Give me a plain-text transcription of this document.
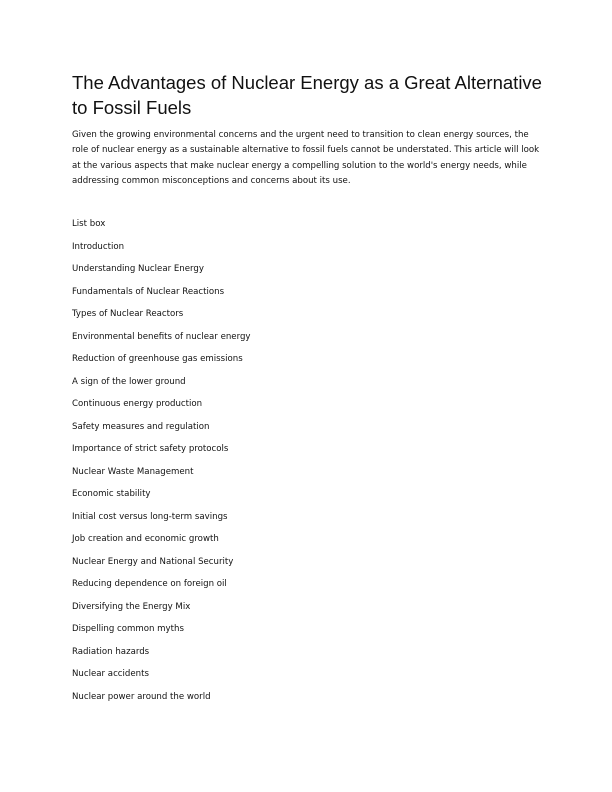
The Advantages of Nuclear Energy as a Great Alternative to Fossil Fuels

Given the growing environmental concerns and the urgent need to transition to clean energy sources, the role of nuclear energy as a sustainable alternative to fossil fuels cannot be understated. This article will look at the various aspects that make nuclear energy a compelling solution to the world's energy needs, while addressing common misconceptions and concerns about its use.

List box
Introduction
Understanding Nuclear Energy
Fundamentals of Nuclear Reactions
Types of Nuclear Reactors
Environmental benefits of nuclear energy
Reduction of greenhouse gas emissions
A sign of the lower ground
Continuous energy production
Safety measures and regulation
Importance of strict safety protocols
Nuclear Waste Management
Economic stability
Initial cost versus long-term savings
Job creation and economic growth
Nuclear Energy and National Security
Reducing dependence on foreign oil
Diversifying the Energy Mix
Dispelling common myths
Radiation hazards
Nuclear accidents
Nuclear power around the world
